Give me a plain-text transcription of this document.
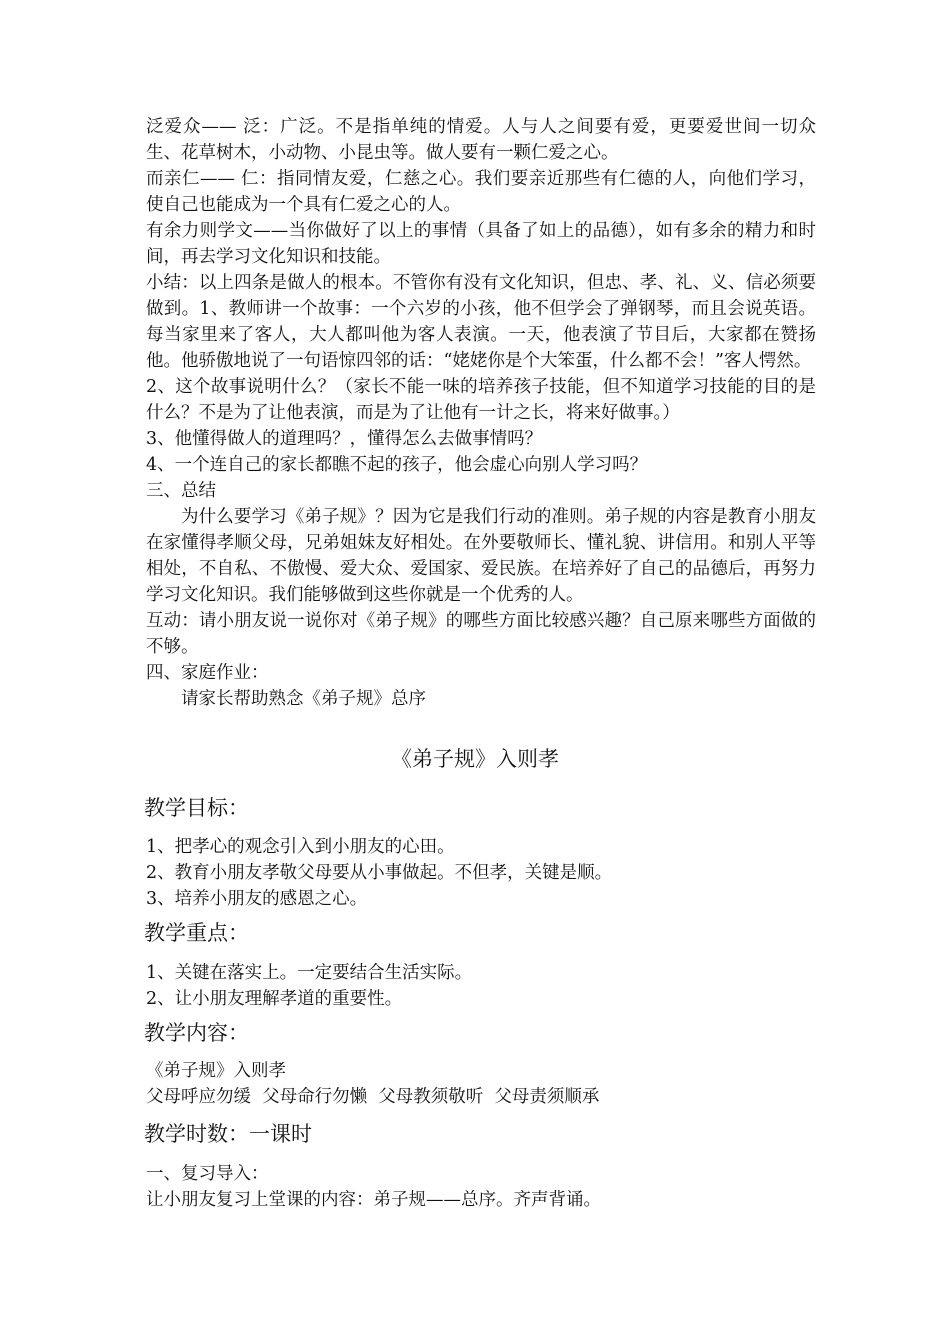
泛爱众—— 泛：广泛。不是指单纯的情爱。人与人之间要有爱，更要爱世间一切众生、花草树木，小动物、小昆虫等。做人要有一颗仁爱之心。

而亲仁—— 仁：指同情友爱，仁慈之心。我们要亲近那些有仁德的人，向他们学习，使自己也能成为一个具有仁爱之心的人。

有余力则学文——当你做好了以上的事情（具备了如上的品德），如有多余的精力和时间，再去学习文化知识和技能。

小结：以上四条是做人的根本。不管你有没有文化知识，但忠、孝、礼、义、信必须要做到。1、教师讲一个故事：一个六岁的小孩，他不但学会了弹钢琴，而且会说英语。每当家里来了客人，大人都叫他为客人表演。一天，他表演了节目后，大家都在赞扬他。他骄傲地说了一句语惊四邻的话：“姥姥你是个大笨蛋，什么都不会！”客人愕然。

2、这个故事说明什么？（家长不能一味的培养孩子技能，但不知道学习技能的目的是什么？不是为了让他表演，而是为了让他有一计之长，将来好做事。）

3、他懂得做人的道理吗？，懂得怎么去做事情吗？

4、一个连自己的家长都瞧不起的孩子，他会虚心向别人学习吗？

三、总结

为什么要学习《弟子规》？因为它是我们行动的准则。弟子规的内容是教育小朋友在家懂得孝顺父母，兄弟姐妹友好相处。在外要敬师长、懂礼貌、讲信用。和别人平等相处，不自私、不傲慢、爱大众、爱国家、爱民族。在培养好了自己的品德后，再努力学习文化知识。我们能够做到这些你就是一个优秀的人。

互动：请小朋友说一说你对《弟子规》的哪些方面比较感兴趣？自己原来哪些方面做的不够。

四、家庭作业：

请家长帮助熟念《弟子规》总序

《弟子规》入则孝
教学目标：

1、把孝心的观念引入到小朋友的心田。

2、教育小朋友孝敬父母要从小事做起。不但孝，关键是顺。

3、培养小朋友的感恩之心。

教学重点：

1、关键在落实上。一定要结合生活实际。

2、让小朋友理解孝道的重要性。

教学内容：

《弟子规》入则孝

父母呼应勿缓  父母命行勿懒  父母教须敬听  父母责须顺承

教学时数：一课时

一、复习导入：

让小朋友复习上堂课的内容：弟子规——总序。齐声背诵。
